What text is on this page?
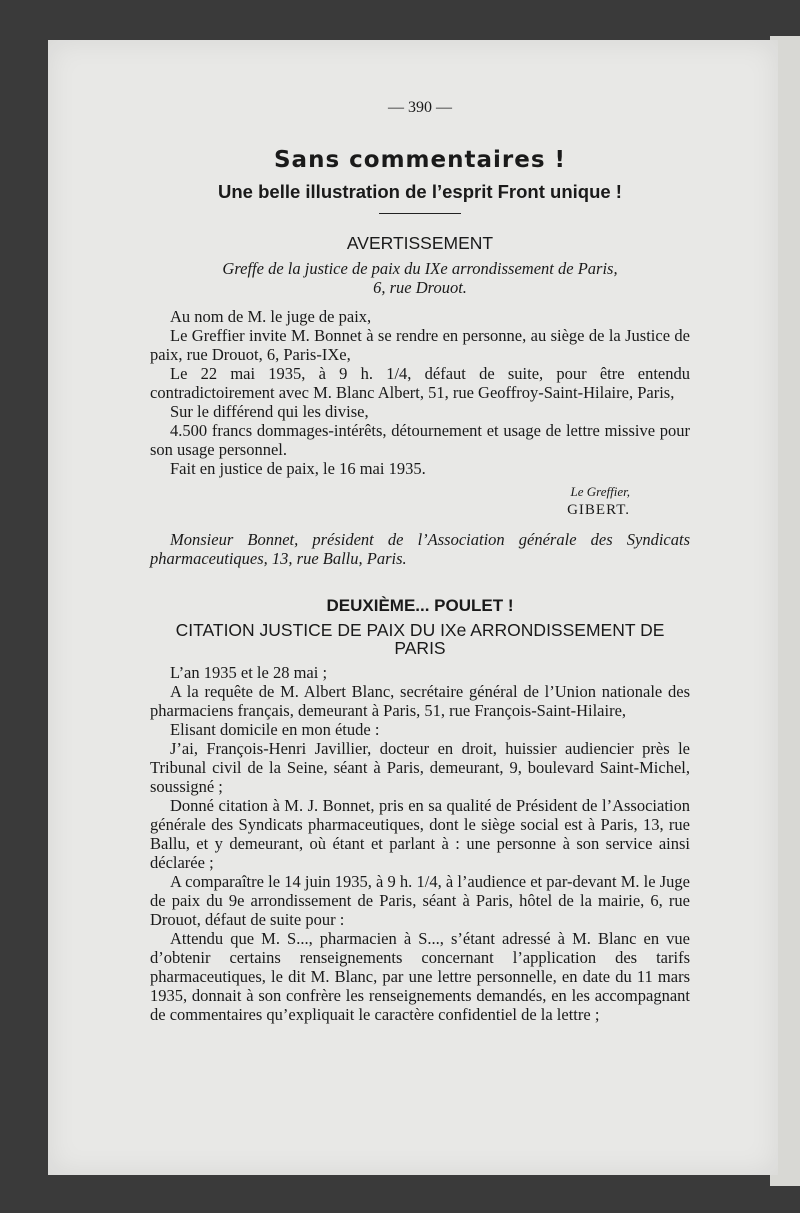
— 390 —
Sans commentaires !
Une belle illustration de l’esprit Front unique !
AVERTISSEMENT
Greffe de la justice de paix du IXe arrondissement de Paris,
6, rue Drouot.
Au nom de M. le juge de paix,
Le Greffier invite M. Bonnet à se rendre en personne, au siège de la Justice de paix, rue Drouot, 6, Paris-IXe,
Le 22 mai 1935, à 9 h. 1/4, défaut de suite, pour être entendu contradictoirement avec M. Blanc Albert, 51, rue Geoffroy-Saint-Hilaire, Paris,
Sur le différend qui les divise,
4.500 francs dommages-intérêts, détournement et usage de lettre missive pour son usage personnel.
Fait en justice de paix, le 16 mai 1935.
Le Greffier,
GIBERT.
Monsieur Bonnet, président de l’Association générale des Syndicats pharmaceutiques, 13, rue Ballu, Paris.
DEUXIÈME... POULET !
CITATION JUSTICE DE PAIX DU IXe ARRONDISSEMENT DE PARIS
L’an 1935 et le 28 mai ;
A la requête de M. Albert Blanc, secrétaire général de l’Union nationale des pharmaciens français, demeurant à Paris, 51, rue François-Saint-Hilaire,
Elisant domicile en mon étude :
J’ai, François-Henri Javillier, docteur en droit, huissier audiencier près le Tribunal civil de la Seine, séant à Paris, demeurant, 9, boulevard Saint-Michel, soussigné ;
Donné citation à M. J. Bonnet, pris en sa qualité de Président de l’Association générale des Syndicats pharmaceutiques, dont le siège social est à Paris, 13, rue Ballu, et y demeurant, où étant et parlant à : une personne à son service ainsi déclarée ;
A comparaître le 14 juin 1935, à 9 h. 1/4, à l’audience et par-devant M. le Juge de paix du 9e arrondissement de Paris, séant à Paris, hôtel de la mairie, 6, rue Drouot, défaut de suite pour :
Attendu que M. S..., pharmacien à S..., s’étant adressé à M. Blanc en vue d’obtenir certains renseignements concernant l’application des tarifs pharmaceutiques, le dit M. Blanc, par une lettre personnelle, en date du 11 mars 1935, donnait à son confrère les renseignements demandés, en les accompagnant de commentaires qu’expliquait le caractère confidentiel de la lettre ;
